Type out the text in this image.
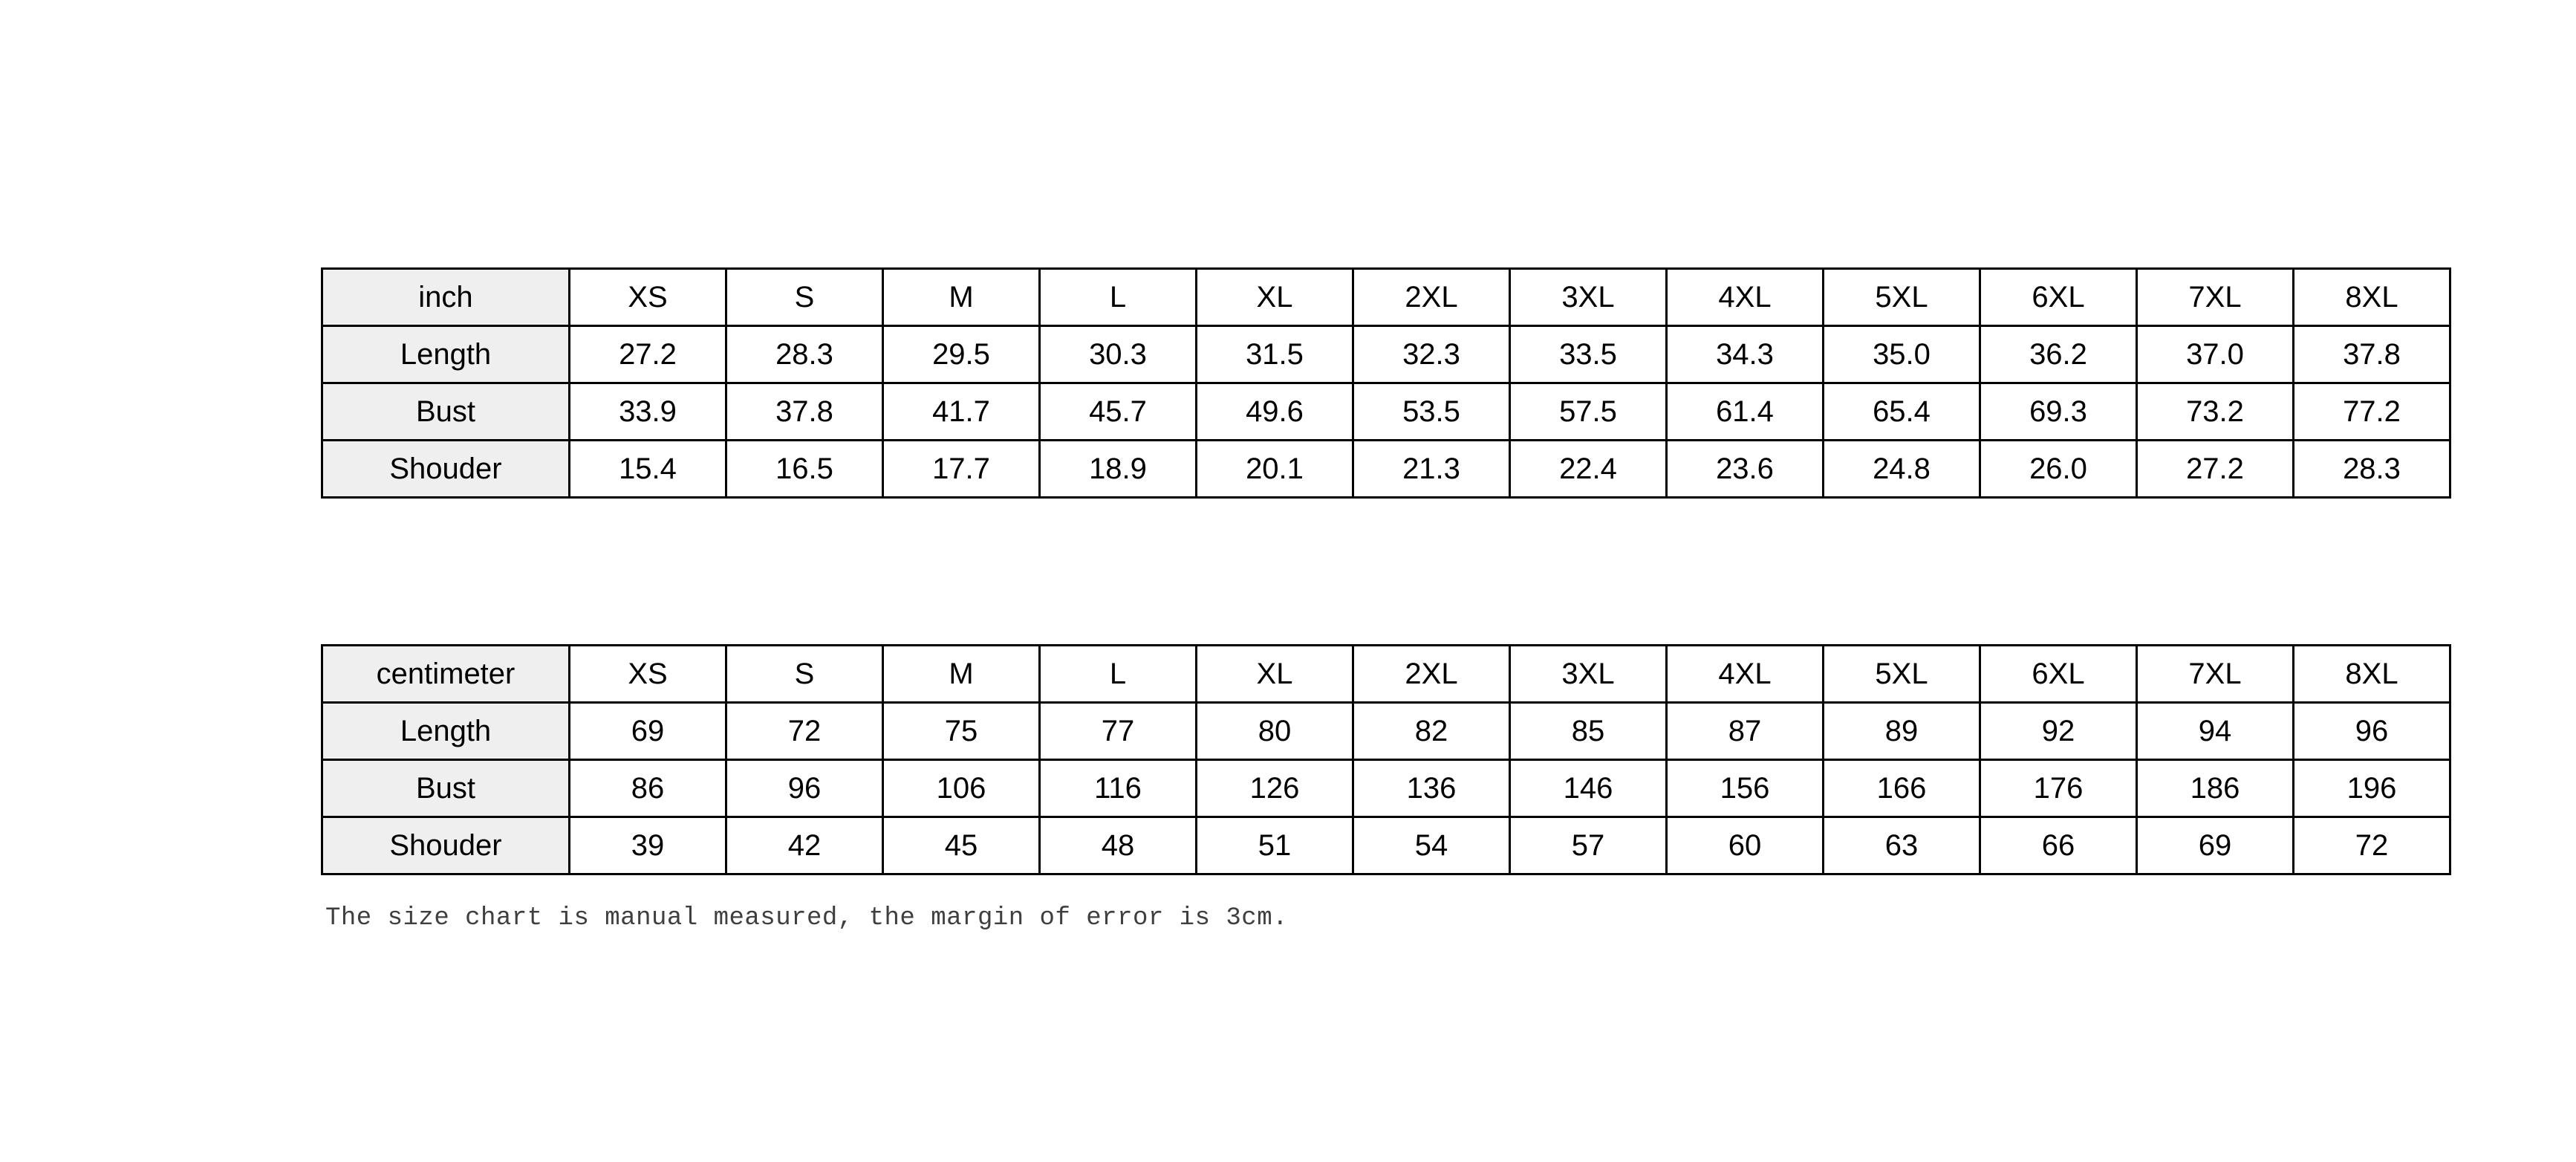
inch	XS	S	M	L	XL	2XL	3XL	4XL	5XL	6XL	7XL	8XL
Length	27.2	28.3	29.5	30.3	31.5	32.3	33.5	34.3	35.0	36.2	37.0	37.8
Bust	33.9	37.8	41.7	45.7	49.6	53.5	57.5	61.4	65.4	69.3	73.2	77.2
Shouder	15.4	16.5	17.7	18.9	20.1	21.3	22.4	23.6	24.8	26.0	27.2	28.3
centimeter	XS	S	M	L	XL	2XL	3XL	4XL	5XL	6XL	7XL	8XL
Length	69	72	75	77	80	82	85	87	89	92	94	96
Bust	86	96	106	116	126	136	146	156	166	176	186	196
Shouder	39	42	45	48	51	54	57	60	63	66	69	72
The size chart is manual measured, the margin of error is 3cm.
